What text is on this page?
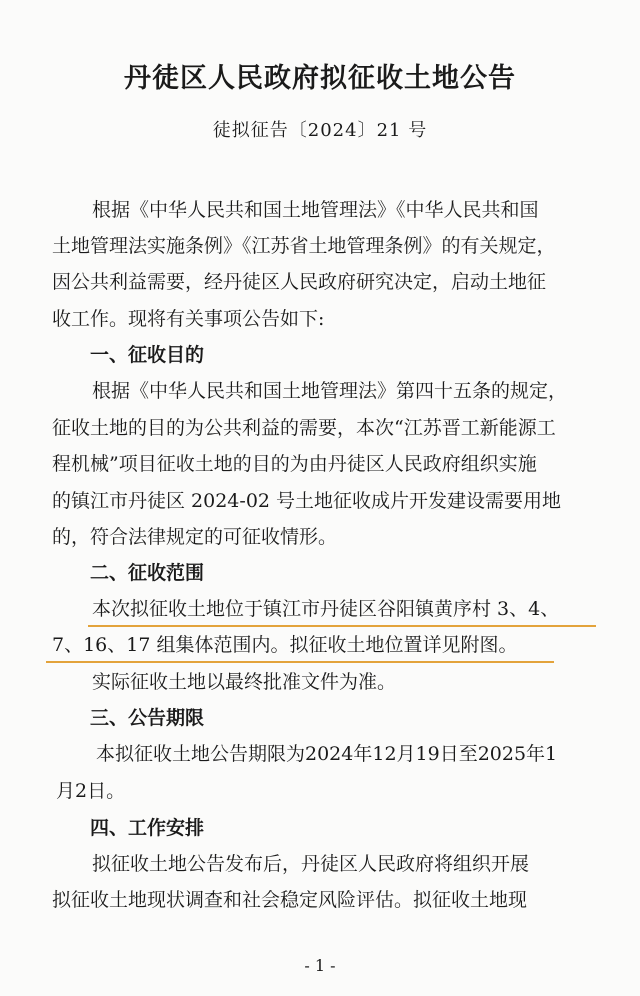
丹徒区人民政府拟征收土地公告
徒拟征告〔2024〕21 号
根据《中华人民共和国土地管理法》《中华人民共和国
土地管理法实施条例》《江苏省土地管理条例》的有关规定，
因公共利益需要，经丹徒区人民政府研究决定，启动土地征
收工作。现将有关事项公告如下:
一、征收目的
根据《中华人民共和国土地管理法》第四十五条的规定，
征收土地的目的为公共利益的需要，本次“江苏晋工新能源工
程机械”项目征收土地的目的为由丹徒区人民政府组织实施
的镇江市丹徒区 2024-02 号土地征收成片开发建设需要用地
的，符合法律规定的可征收情形。
二、征收范围
本次拟征收土地位于镇江市丹徒区谷阳镇黄序村 3、4、
7、16、17 组集体范围内。拟征收土地位置详见附图。
实际征收土地以最终批准文件为准。
三、公告期限
本拟征收土地公告期限为2024年12月19日至2025年1
月2日。
四、工作安排
拟征收土地公告发布后，丹徒区人民政府将组织开展
拟征收土地现状调查和社会稳定风险评估。拟征收土地现
- 1 -
